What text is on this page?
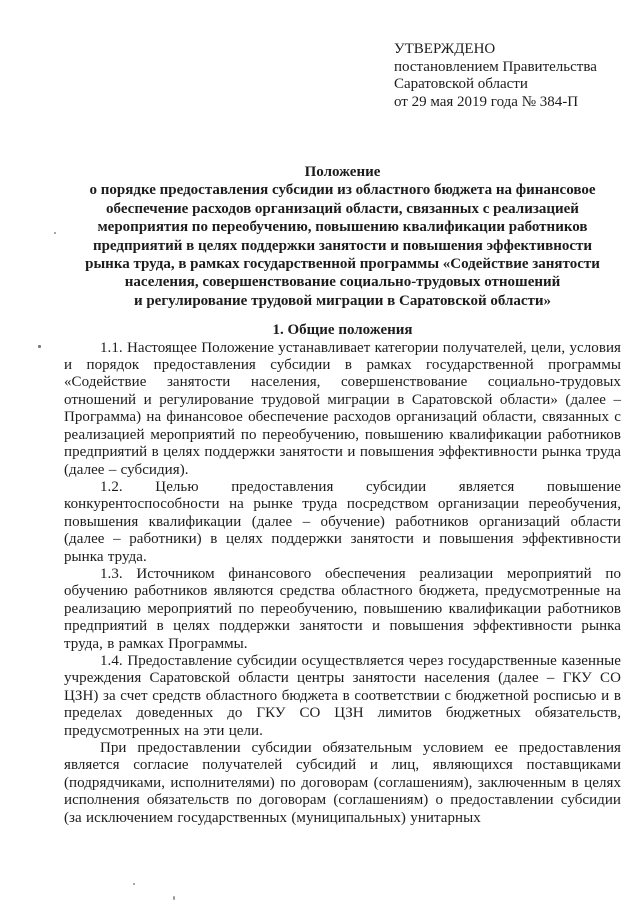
УТВЕРЖДЕНО
постановлением Правительства
Саратовской области
от 29 мая 2019 года № 384-П
Положение
о порядке предоставления субсидии из областного бюджета на финансовое
обеспечение расходов организаций области, связанных с реализацией
мероприятия по переобучению, повышению квалификации работников
предприятий в целях поддержки занятости и повышения эффективности
рынка труда, в рамках государственной программы «Содействие занятости
населения, совершенствование социально-трудовых отношений
и регулирование трудовой миграции в Саратовской области»
1. Общие положения

1.1. Настоящее Положение устанавливает категории получателей, цели, условия и порядок предоставления субсидии в рамках государственной программы «Содействие занятости населения, совершенствование социально-трудовых отношений и регулирование трудовой миграции в Саратовской области» (далее – Программа) на финансовое обеспечение расходов организаций области, связанных с реализацией мероприятий по переобучению, повышению квалификации работников предприятий в целях поддержки занятости и повышения эффективности рынка труда (далее – субсидия).

1.2. Целью предоставления субсидии является повышение конкурентоспособности на рынке труда посредством организации переобучения, повышения квалификации (далее – обучение) работников организаций области (далее – работники) в целях поддержки занятости и повышения эффективности рынка труда.

1.3. Источником финансового обеспечения реализации мероприятий по обучению работников являются средства областного бюджета, предусмотренные на реализацию мероприятий по переобучению, повышению квалификации работников предприятий в целях поддержки занятости и повышения эффективности рынка труда, в рамках Программы.

1.4. Предоставление субсидии осуществляется через государственные казенные учреждения Саратовской области центры занятости населения (далее – ГКУ СО ЦЗН) за счет средств областного бюджета в соответствии с бюджетной росписью и в пределах доведенных до ГКУ СО ЦЗН лимитов бюджетных обязательств, предусмотренных на эти цели.

При предоставлении субсидии обязательным условием ее предоставления является согласие получателей субсидий и лиц, являющихся поставщиками (подрядчиками, исполнителями) по договорам (соглашениям), заключенным в целях исполнения обязательств по договорам (соглашениям) о предоставлении субсидии (за исключением государственных (муниципальных) унитарных
